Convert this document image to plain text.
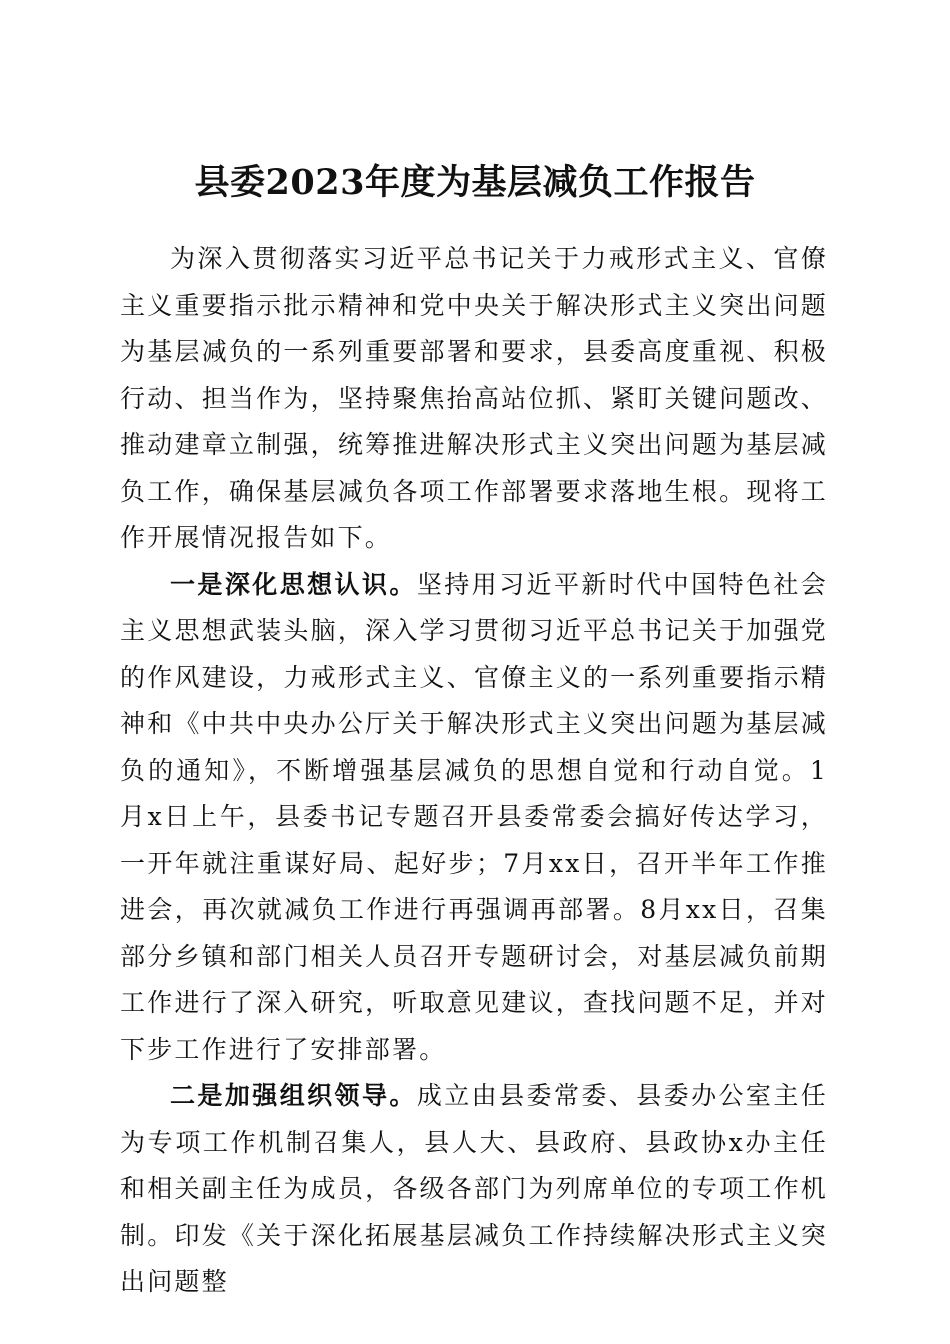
县委2023年度为基层减负工作报告

为深入贯彻落实习近平总书记关于力戒形式主义、官僚主义重要指示批示精神和党中央关于解决形式主义突出问题为基层减负的一系列重要部署和要求，县委高度重视、积极行动、担当作为，坚持聚焦抬高站位抓、紧盯关键问题改、推动建章立制强，统筹推进解决形式主义突出问题为基层减负工作，确保基层减负各项工作部署要求落地生根。现将工作开展情况报告如下。

一是深化思想认识。坚持用习近平新时代中国特色社会主义思想武装头脑，深入学习贯彻习近平总书记关于加强党的作风建设，力戒形式主义、官僚主义的一系列重要指示精神和《中共中央办公厅关于解决形式主义突出问题为基层减负的通知》，不断增强基层减负的思想自觉和行动自觉。1月x日上午，县委书记专题召开县委常委会搞好传达学习，一开年就注重谋好局、起好步；7月xx日，召开半年工作推进会，再次就减负工作进行再强调再部署。8月xx日，召集部分乡镇和部门相关人员召开专题研讨会，对基层减负前期工作进行了深入研究，听取意见建议，查找问题不足，并对下步工作进行了安排部署。

二是加强组织领导。成立由县委常委、县委办公室主任为专项工作机制召集人，县人大、县政府、县政协x办主任和相关副主任为成员，各级各部门为列席单位的专项工作机制。印发《关于深化拓展基层减负工作持续解决形式主义突出问题整
